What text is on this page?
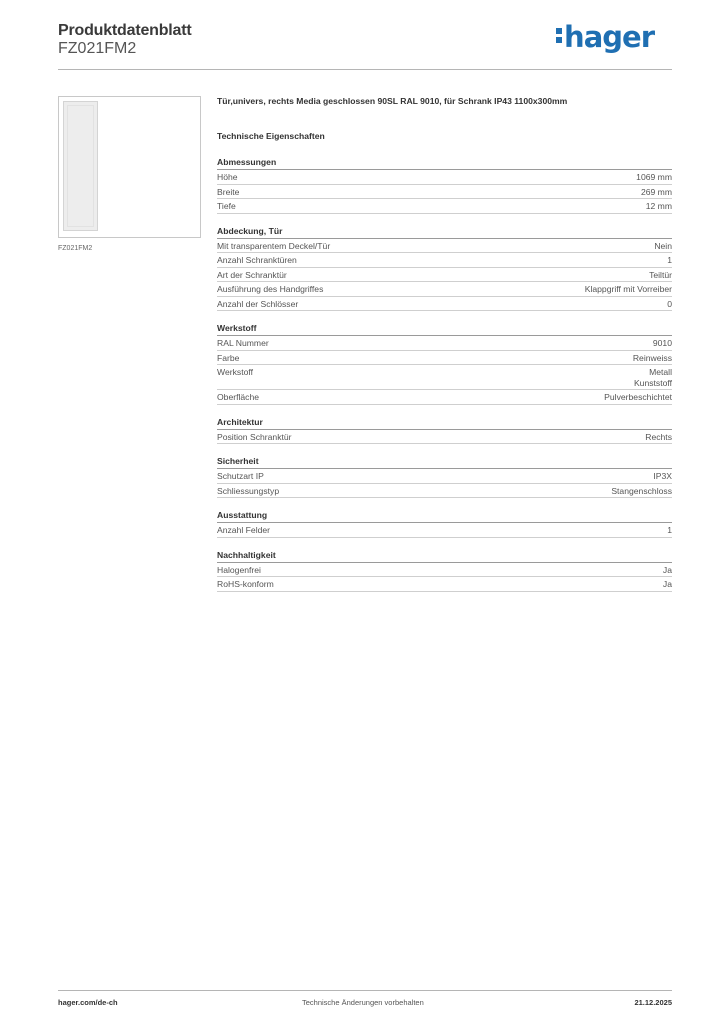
Produktdatenblatt
FZ021FM2	hager
FZ021FM2
Tür,univers, rechts Media geschlossen 90SL RAL 9010, für Schrank IP43 1100x300mm
Technische Eigenschaften
Abmessungen
Höhe	1069 mm
Breite	269 mm
Tiefe	12 mm
Abdeckung, Tür
Mit transparentem Deckel/Tür	Nein
Anzahl Schranktüren	1
Art der Schranktür	Teiltür
Ausführung des Handgriffes	Klappgriff mit Vorreiber
Anzahl der Schlösser	0
Werkstoff
RAL Nummer	9010
Farbe	Reinweiss
Werkstoff	Metall
Kunststoff
Oberfläche	Pulverbeschichtet
Architektur
Position Schranktür	Rechts
Sicherheit
Schutzart IP	IP3X
Schliessungstyp	Stangenschloss
Ausstattung
Anzahl Felder	1
Nachhaltigkeit
Halogenfrei	Ja
RoHS-konform	Ja
hager.com/de-ch	Technische Änderungen vorbehalten	21.12.2025
